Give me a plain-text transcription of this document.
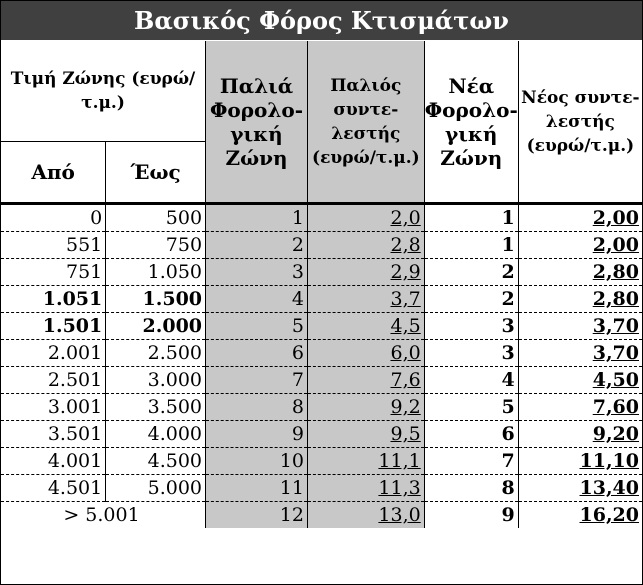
Βασικός Φόρος Κτισμάτων
Τιμή Ζώνης (ευρώ/τ.μ.)		Παλιά Φορολο- γική Ζώνη	Παλιός συντε- λεστής (ευρώ/τ.μ.)	Νέα Φορολο- γική Ζώνη	Νέος συντε- λεστής (ευρώ/τ.μ.)
Από	Έως				
0	500	1	2,0	1	2,00
551	750	2	2,8	1	2,00
751	1.050	3	2,9	2	2,80
1.051	1.500	4	3,7	2	2,80
1.501	2.000	5	4,5	3	3,70
2.001	2.500	6	6,0	3	3,70
2.501	3.000	7	7,6	4	4,50
3.001	3.500	8	9,2	5	7,60
3.501	4.000	9	9,5	6	9,20
4.001	4.500	10	11,1	7	11,10
4.501	5.000	11	11,3	8	13,40
> 5.001		12	13,0	9	16,20
